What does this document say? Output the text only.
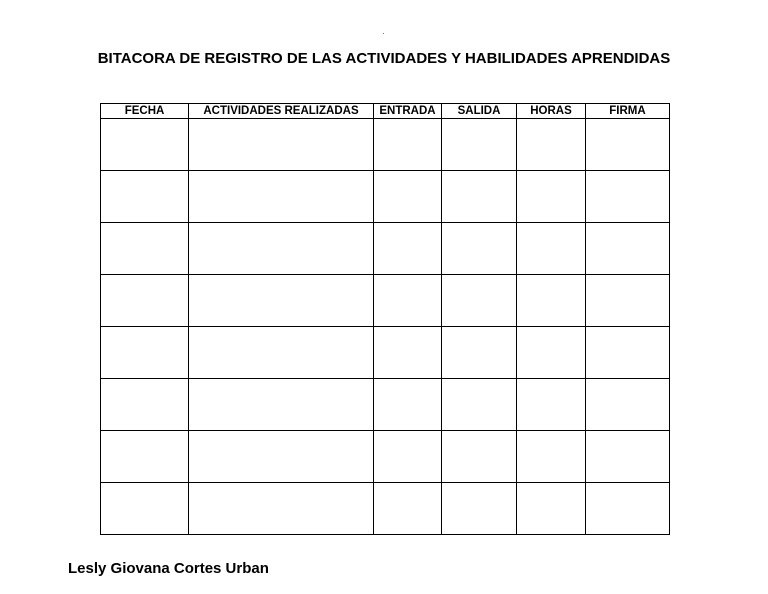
BITACORA DE REGISTRO DE LAS ACTIVIDADES Y HABILIDADES APRENDIDAS
FECHA	ACTIVIDADES REALIZADAS	ENTRADA	SALIDA	HORAS	FIRMA

Lesly Giovana Cortes Urban
